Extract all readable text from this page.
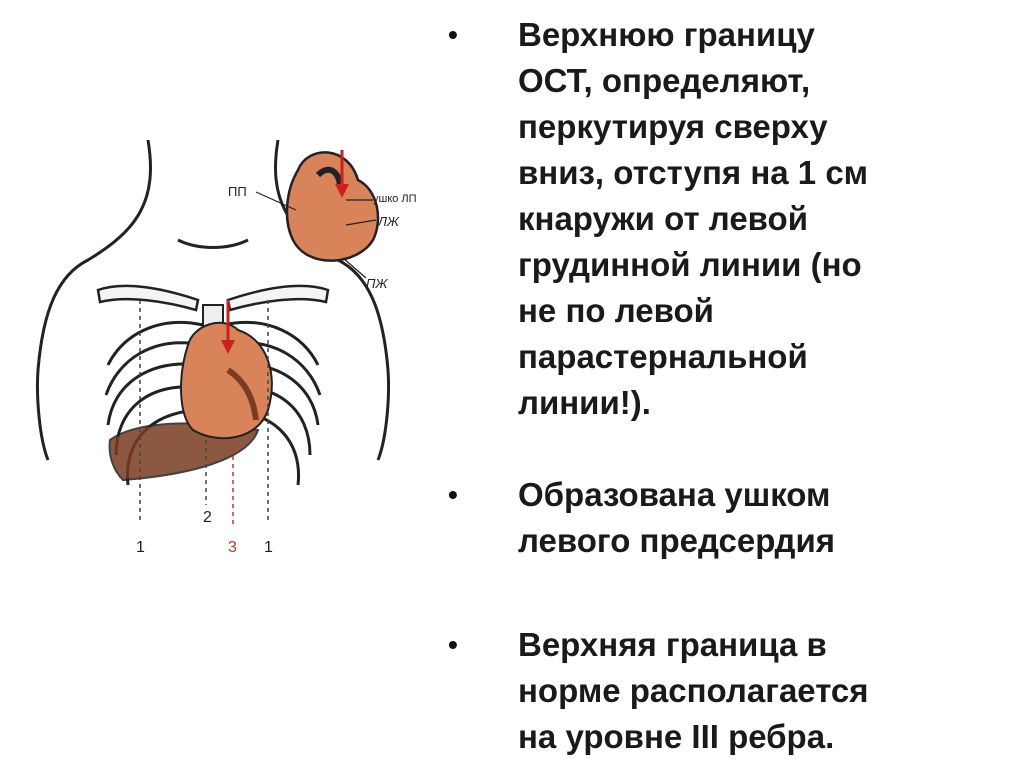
1
2
3 1
ПП	ушко ЛП
ЛЖ
ПЖ
• Верхнюю границу
ОСТ, определяют,
перкутируя сверху
вниз, отступя на 1 см
кнаружи от левой
грудинной линии (но
не по левой
парастернальной
линии!).
• Образована ушком
левого предсердия
• Верхняя граница в
норме располагается
на уровне III ребра.
